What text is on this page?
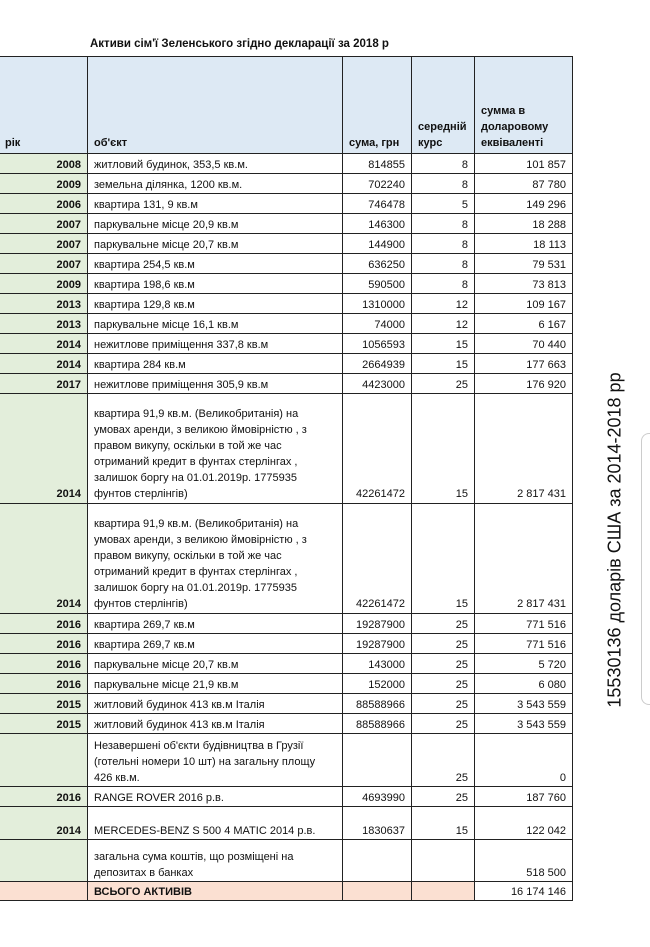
Активи сім'ї Зеленського згідно декларації за 2018 р
рік	об'єкт	сума, грн	середній курс	сумма в доларовому еквіваленті
2008	житловий будинок, 353,5 кв.м.	814855	8	101 857
2009	земельна ділянка, 1200 кв.м.	702240	8	87 780
2006	квартира 131, 9 кв.м	746478	5	149 296
2007	паркувальне місце 20,9 кв.м	146300	8	18 288
2007	паркувальне місце 20,7 кв.м	144900	8	18 113
2007	квартира 254,5 кв.м	636250	8	79 531
2009	квартира 198,6 кв.м	590500	8	73 813
2013	квартира 129,8 кв.м	1310000	12	109 167
2013	паркувальне місце 16,1 кв.м	74000	12	6 167
2014	нежитлове приміщення 337,8 кв.м	1056593	15	70 440
2014	квартира 284 кв.м	2664939	15	177 663
2017	нежитлове приміщення 305,9 кв.м	4423000	25	176 920
2014	квартира 91,9 кв.м. (Великобританія) на умовах аренди, з великою ймовірністю , з правом викупу, оскільки в той же час отриманий кредит в фунтах стерлінгах , залишок боргу на 01.01.2019р. 1775935 фунтов стерлінгів)	42261472	15	2 817 431
2014	квартира 91,9 кв.м. (Великобританія) на умовах аренди, з великою ймовірністю , з правом викупу, оскільки в той же час отриманий кредит в фунтах стерлінгах , залишок боргу на 01.01.2019р. 1775935 фунтов стерлінгів)	42261472	15	2 817 431
2016	квартира 269,7 кв.м	19287900	25	771 516
2016	квартира 269,7 кв.м	19287900	25	771 516
2016	паркувальне місце 20,7 кв.м	143000	25	5 720
2016	паркувальне місце 21,9 кв.м	152000	25	6 080
2015	житловий будинок 413 кв.м Італія	88588966	25	3 543 559
2015	житловий будинок 413 кв.м Італія	88588966	25	3 543 559
	Незавершені об'єкти будівництва в Грузії (готельні номери 10 шт) на загальну площу 426 кв.м.		25	0
2016	RANGE ROVER 2016 р.в.	4693990	25	187 760
2014	MERCEDES-BENZ S 500 4 MATIC 2014 р.в.	1830637	15	122 042
	загальна сума коштів, що розміщені на депозитах в банках			518 500
	ВСЬОГО АКТИВІВ			16 174 146
15530136 доларів США за 2014-2018 рр
